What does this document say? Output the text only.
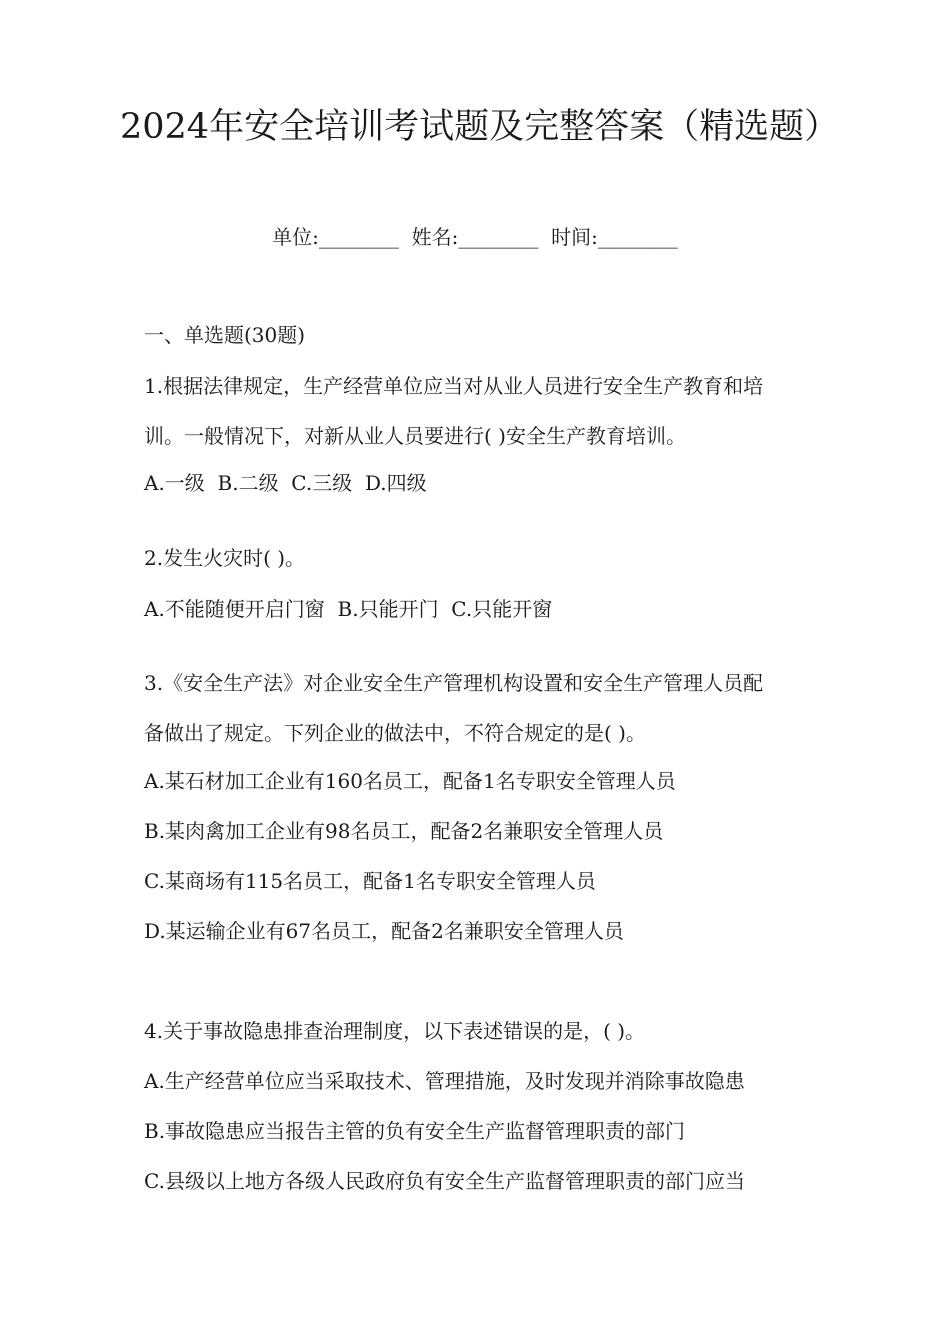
2024年安全培训考试题及完整答案（精选题）
单位:________  姓名:________  时间:________

一、单选题(30题)

1.根据法律规定，生产经营单位应当对从业人员进行安全生产教育和培

训。一般情况下，对新从业人员要进行( )安全生产教育培训。

A.一级  B.二级  C.三级  D.四级

2.发生火灾时( )。

A.不能随便开启门窗  B.只能开门  C.只能开窗

3.《安全生产法》对企业安全生产管理机构设置和安全生产管理人员配

备做出了规定。下列企业的做法中，不符合规定的是( )。

A.某石材加工企业有160名员工，配备1名专职安全管理人员

B.某肉禽加工企业有98名员工，配备2名兼职安全管理人员

C.某商场有115名员工，配备1名专职安全管理人员

D.某运输企业有67名员工，配备2名兼职安全管理人员

4.关于事故隐患排查治理制度，以下表述错误的是，( )。

A.生产经营单位应当采取技术、管理措施，及时发现并消除事故隐患

B.事故隐患应当报告主管的负有安全生产监督管理职责的部门

C.县级以上地方各级人民政府负有安全生产监督管理职责的部门应当
